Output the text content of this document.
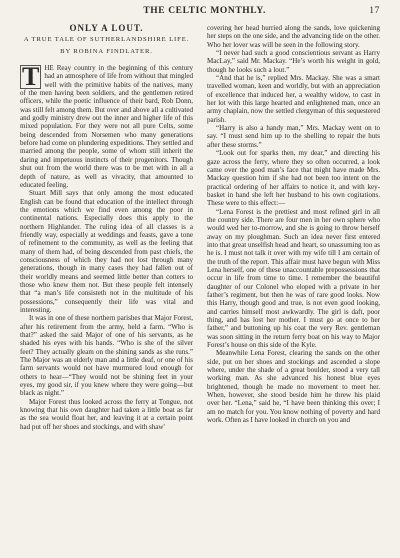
THE CELTIC MONTHLY.	17
ONLY A LOUT.
A TRUE TALE OF SUTHERLANDSHIRE LIFE.
BY ROBINA FINDLATER.

T HE Reay country in the beginning of this century had an atmosphere of life from without that mingled well with the primitive habits of the natives, many of the men having been soldiers, and the gentlemen retired officers, while the poetic influence of their bard, Rob Donn, was still felt among them. But over and above all a cultivated and godly ministry drew out the inner and higher life of this mixed population. For they were not all pure Celts, some being descended from Norsemen who many generations before had come on plundering expeditions. They settled and married among the people, some of whom still inherit the daring and impetuous instincts of their progenitors. Though shut out from the world there was to be met with in all a depth of nature, as well as vivacity, that amounted to educated feeling.

Stuart Mill says that only among the most educated English can be found that education of the intellect through the emotions which we find even among the poor in continental nations. Especially does this apply to the northern Highlander. The ruling idea of all classes is a friendly way, especially at weddings and feasts, gave a tone of refinement to the community, as well as the feeling that many of them had, of being descended from past chiefs, the consciousness of which they had not lost through many generations, though in many cases they had fallen out of their worldly means and seemed little better than cotters to those who knew them not. But these people felt intensely that “a man’s life consisteth not in the multitude of his possessions,” consequently their life was vital and interesting.

It was in one of these northern parishes that Major Forest, after his retirement from the army, held a farm. “Who is that?” asked the said Major of one of his servants, as he shaded his eyes with his hands. “Who is she of the silver feet? They actually gleam on the shining sands as she runs.” The Major was an elderly man and a little deaf, or one of his farm servants would not have murmured loud enough for others to hear—“They would not be shining feet in your eyes, my good sir, if you knew where they were going—but black as night.”

Major Forest thus looked across the ferry at Tongue, not knowing that his own daughter had taken a little boat as far as the sea would float her, and leaving it at a certain point had put off her shoes and stockings, and with shaw'

covering her head hurried along the sands, love quickening her steps on the one side, and the advancing tide on the other. Who her lover was will be seen in the following story.

“I never had such a good conscientious servant as Harry MacLay,” said Mr. Mackay. “He’s worth his weight in gold, though he looks such a lout.”

“And that he is,” replied Mrs. Mackay. She was a smart travelled woman, keen and worldly, but with an appreciation of excellence that induced her, a wealthy widow, to cast in her lot with this large hearted and enlightened man, once an army chaplain, now the settled clergyman of this sequestered parish.

“Harry is also a handy man,” Mrs. Mackay went on to say. “I must send him up to the shelling to repair the huts after these storms.”

“Look out for sparks then, my dear,” and directing his gaze across the ferry, where they so often occurred, a look came over the good man’s face that might have made Mrs. Mackay question him if she had not been too intent on the practical ordering of her affairs to notice it, and with key-basket in hand she left her husband to his own cogitations. These were to this effect:—

“Lena Forest is the prettiest and most refined girl in all the country side. There are four men in her own sphere who would wed her to-morrow, and she is going to throw herself away on my ploughman. Such an idea never first entered into that great unselfish head and heart, so unassuming too as he is. I must not talk it over with my wife till I am certain of the truth of the report. This affair must have begun with Miss Lena herself, one of these unaccountable prepossessions that occur in life from time to time. I remember the beautiful daughter of our Colonel who eloped with a private in her father’s regiment, but then he was of rare good looks. Now this Harry, though good and true, is not even good looking, and carries himself most awkwardly. The girl is daft, poor thing, and has lost her mother. I must go at once to her father,” and buttoning up his coat the very Rev. gentleman was soon sitting in the return ferry boat on his way to Major Forest’s house on this side of the Kyle.

Meanwhile Lena Forest, clearing the sands on the other side, put on her shoes and stockings and ascended a slope where, under the shade of a great boulder, stood a very tall working man. As she advanced his honest blue eyes brightened, though he made no movement to meet her. When, however, she stood beside him he threw his plaid over her. “Lena,” said he, “I have been thinking this over; I am no match for you. You know nothing of poverty and hard work. Often as I have looked in church on you and
